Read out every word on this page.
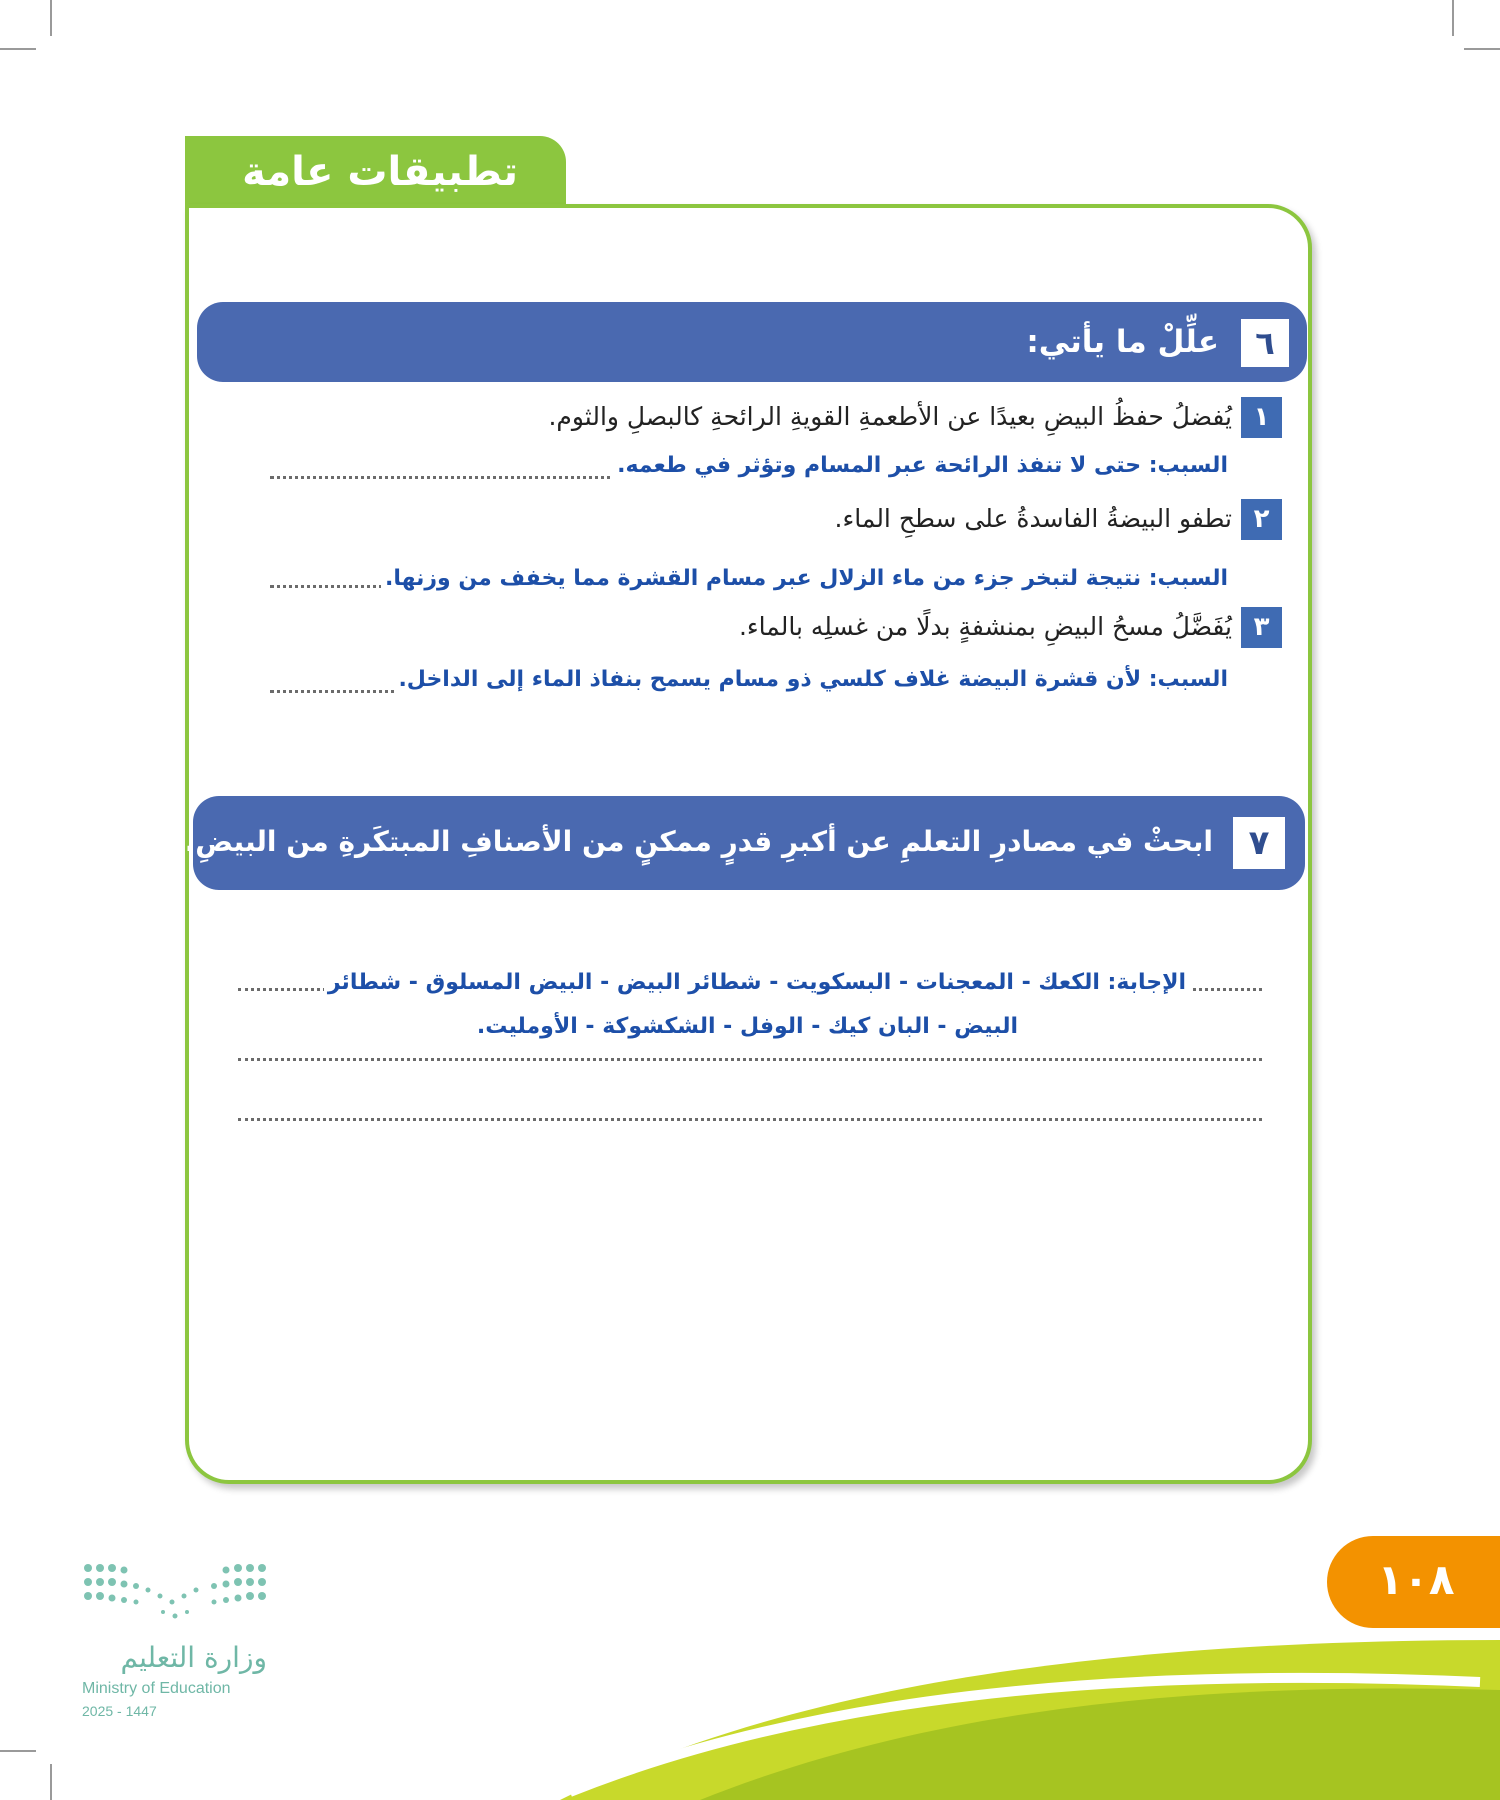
تطبيقات عامة
٦
علِّلْ ما يأتي:
١
يُفضلُ حفظُ البيضِ بعيدًا عن الأطعمةِ القويةِ الرائحةِ كالبصلِ والثوم.
السبب: حتى لا تنفذ الرائحة عبر المسام وتؤثر في طعمه.
٢
تطفو البيضةُ الفاسدةُ على سطحِ الماء.
السبب: نتيجة لتبخر جزء من ماء الزلال عبر مسام القشرة مما يخفف من وزنها.
٣
يُفَضَّلُ مسحُ البيضِ بمنشفةٍ بدلًا من غسلِه بالماء.
السبب: لأن قشرة البيضة غلاف كلسي ذو مسام يسمح بنفاذ الماء إلى الداخل.
٧
ابحثْ في مصادرِ التعلمِ عن أكبرِ قدرٍ ممكنٍ من الأصنافِ المبتكَرةِ من البيضِ.
الإجابة: الكعك - المعجنات - البسكويت - شطائر البيض - البيض المسلوق - شطائر
البيض - البان كيك - الوفل - الشكشوكة - الأومليت.
١٠٨
وزارة التعليم
Ministry of Education
2025 - 1447
